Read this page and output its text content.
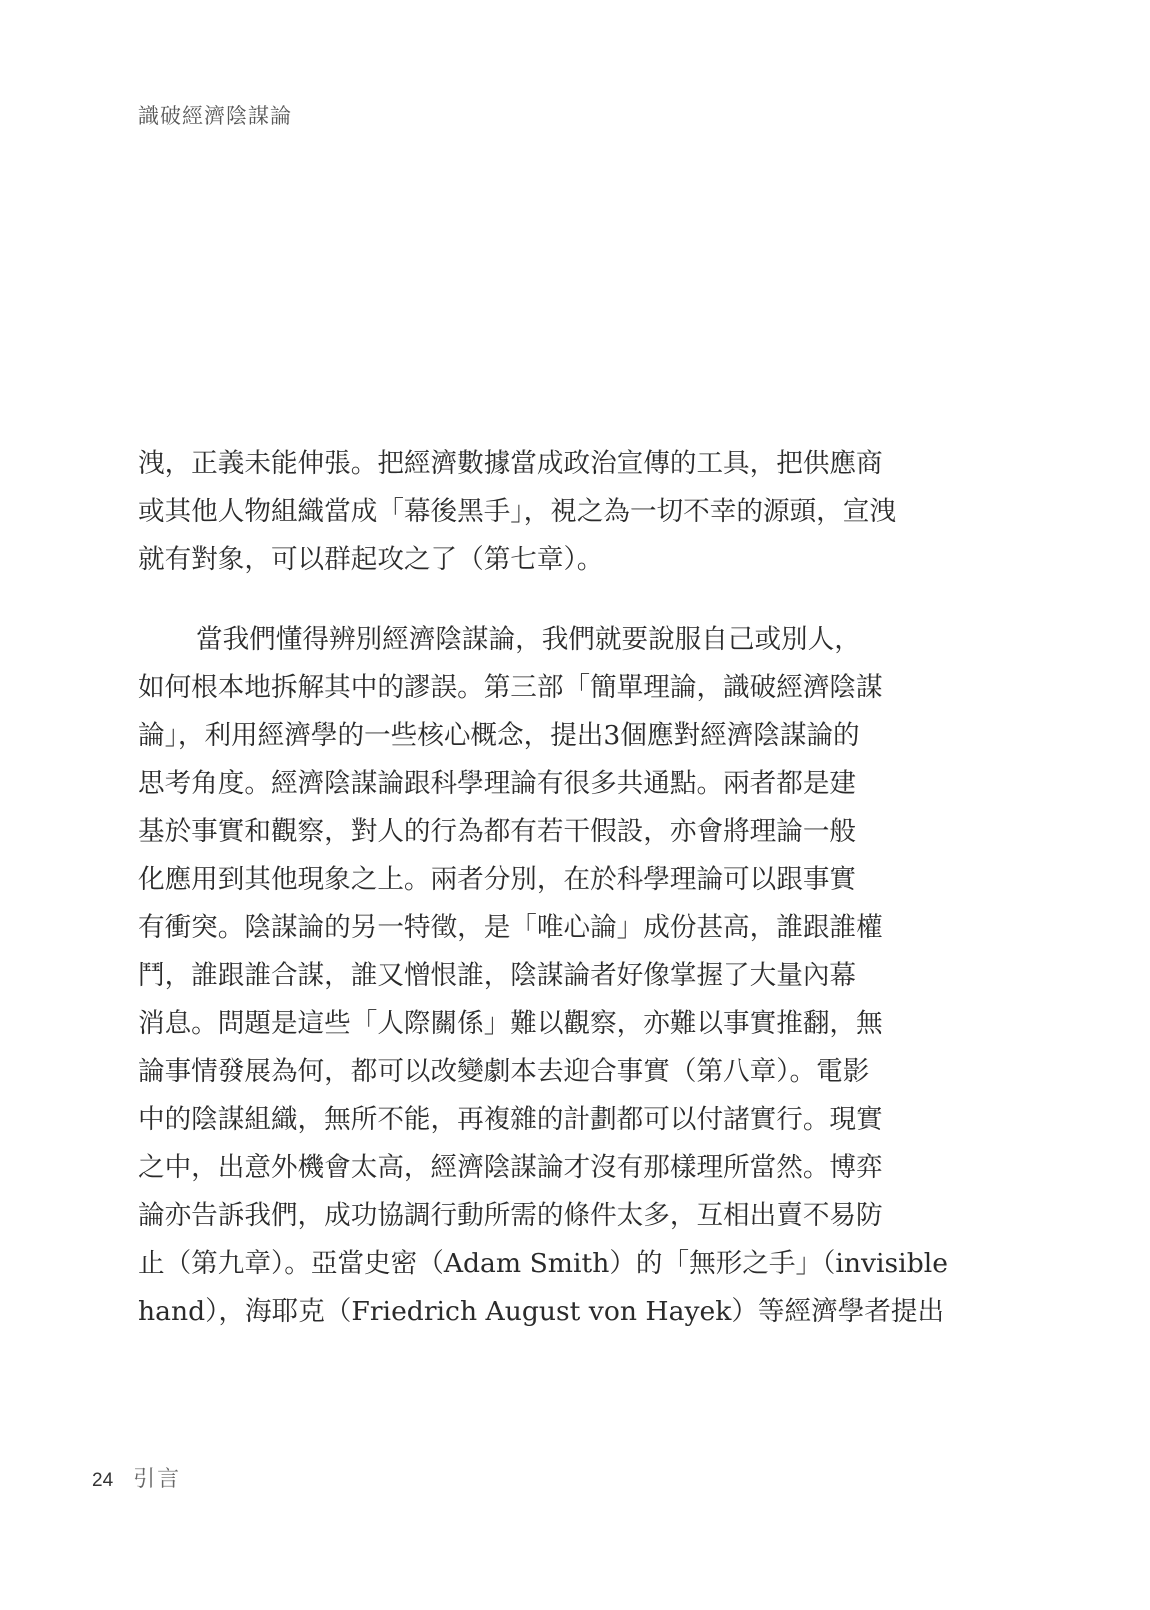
識破經濟陰謀論
洩，正義未能伸張。把經濟數據當成政治宣傳的工具，把供應商
或其他人物組織當成「幕後黑手」，視之為一切不幸的源頭，宣洩
就有對象，可以群起攻之了（第七章）。
當我們懂得辨別經濟陰謀論，我們就要說服自己或別人，
如何根本地拆解其中的謬誤。第三部「簡單理論，識破經濟陰謀
論」，利用經濟學的一些核心概念，提出3個應對經濟陰謀論的
思考角度。經濟陰謀論跟科學理論有很多共通點。兩者都是建
基於事實和觀察，對人的行為都有若干假設，亦會將理論一般
化應用到其他現象之上。兩者分別，在於科學理論可以跟事實
有衝突。陰謀論的另一特徵，是「唯心論」成份甚高，誰跟誰權
鬥，誰跟誰合謀，誰又憎恨誰，陰謀論者好像掌握了大量內幕
消息。問題是這些「人際關係」難以觀察，亦難以事實推翻，無
論事情發展為何，都可以改變劇本去迎合事實（第八章）。電影
中的陰謀組織，無所不能，再複雜的計劃都可以付諸實行。現實
之中，出意外機會太高，經濟陰謀論才沒有那樣理所當然。博弈
論亦告訴我們，成功協調行動所需的條件太多，互相出賣不易防
止（第九章）。亞當史密（Adam Smith）的「無形之手」（invisible
hand），海耶克（Friedrich August von Hayek）等經濟學者提出
24 引言
